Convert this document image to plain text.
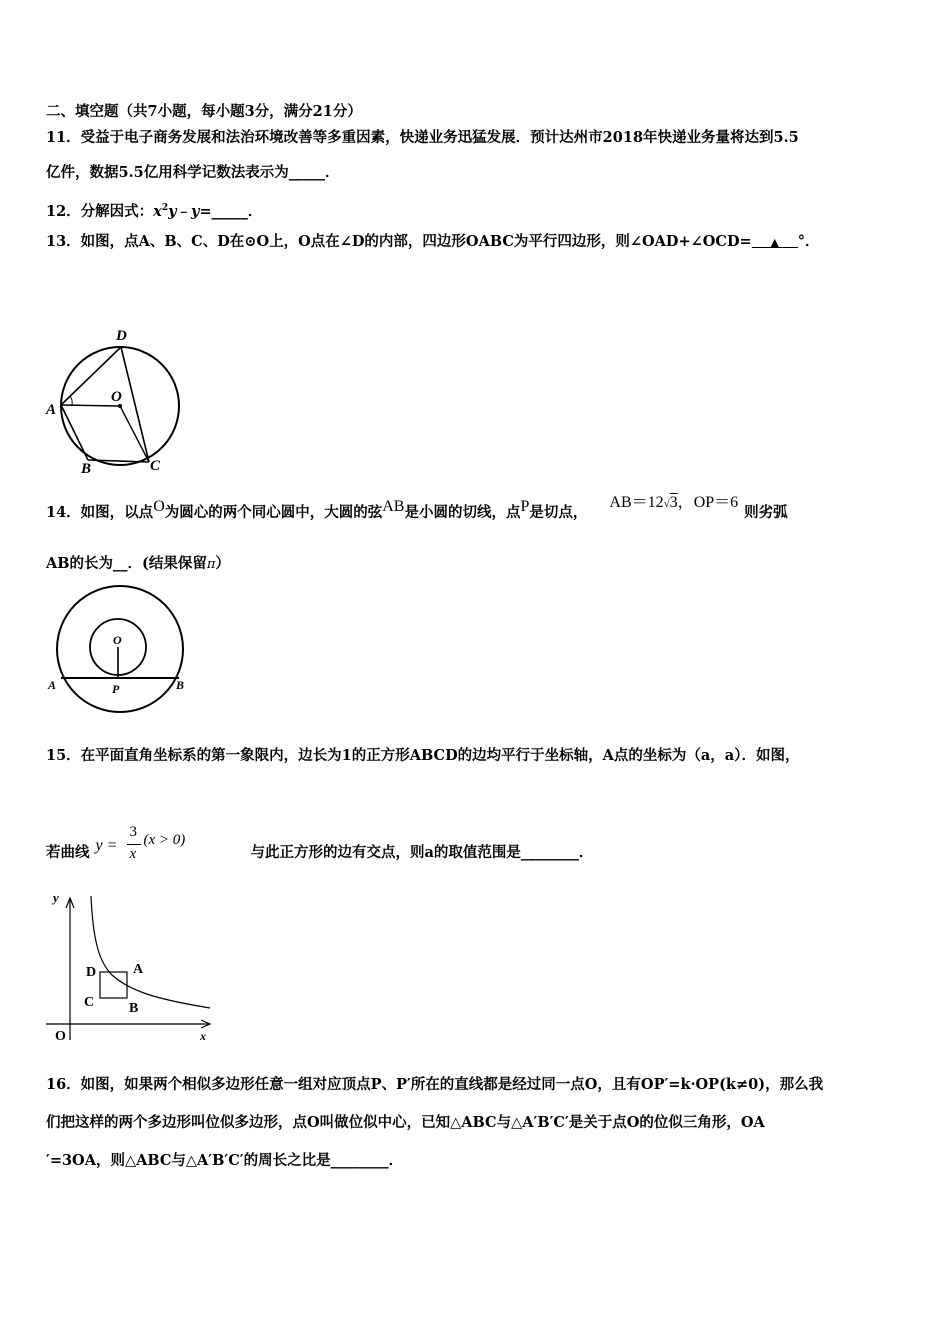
二、填空题（共7小题，每小题3分，满分21分）
11．受益于电子商务发展和法治环境改善等多重因素，快递业务迅猛发展．预计达州市2018年快递业务量将达到5.5
亿件，数据5.5亿用科学记数法表示为_____．
12．分解因式：$x^2y﹣y=\_\_\_\_\_$．
13．如图，点A、B、C、D在⊙O上，O点在∠D的内部，四边形OABC为平行四边形，则∠OAD+∠OCD= ▲ °．
D
O
A
B	C
14．如图，以点O为圆心的两个同心圆中，大圆的弦AB是小圆的切线，点P是切点，AB＝12√3，OP＝6则劣弧
AB的长为__．(结果保留π）
O
A	P	B
15．在平面直角坐标系的第一象限内，边长为1的正方形ABCD的边均平行于坐标轴，A点的坐标为（a，a）．如图，
若曲线 y =
3
x
(x > 0)
与此正方形的边有交点，则a的取值范围是________．
y
x
O
D	A
C B
16．如图，如果两个相似多边形任意一组对应顶点P、P′所在的直线都是经过同一点O，且有OP′=k·OP(k≠0)，那么我
们把这样的两个多边形叫位似多边形，点O叫做位似中心，已知△ABC与△A′B′C′是关于点O的位似三角形，OA
′=3OA，则△ABC与△A′B′C′的周长之比是________．
